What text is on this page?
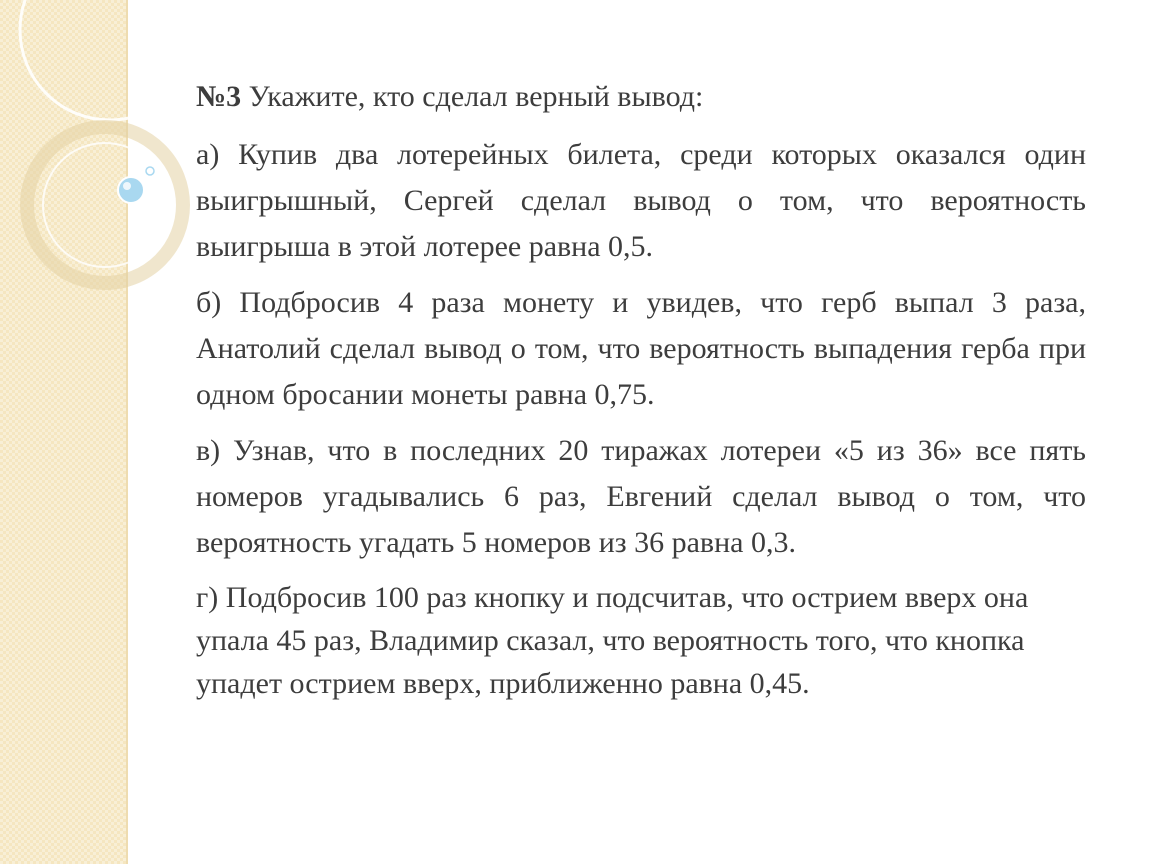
№3 Укажите, кто сделал верный вывод:

а) Купив два лотерейных билета, среди которых оказался один выигрышный, Сергей сделал вывод о том, что вероятность выигрыша в этой лотерее равна 0,5.

б) Подбросив 4 раза монету и увидев, что герб выпал 3 раза, Анатолий сделал вывод о том, что вероятность выпадения герба при одном бросании монеты равна 0,75.

в) Узнав, что в последних 20 тиражах лотереи «5 из 36» все пять номеров угадывались 6 раз, Евгений сделал вывод о том, что вероятность угадать 5 номеров из 36 равна 0,3.

г) Подбросив 100 раз кнопку и подсчитав, что острием вверх она упала 45 раз, Владимир сказал, что вероятность того, что кнопка упадет острием вверх, приближенно равна 0,45.
